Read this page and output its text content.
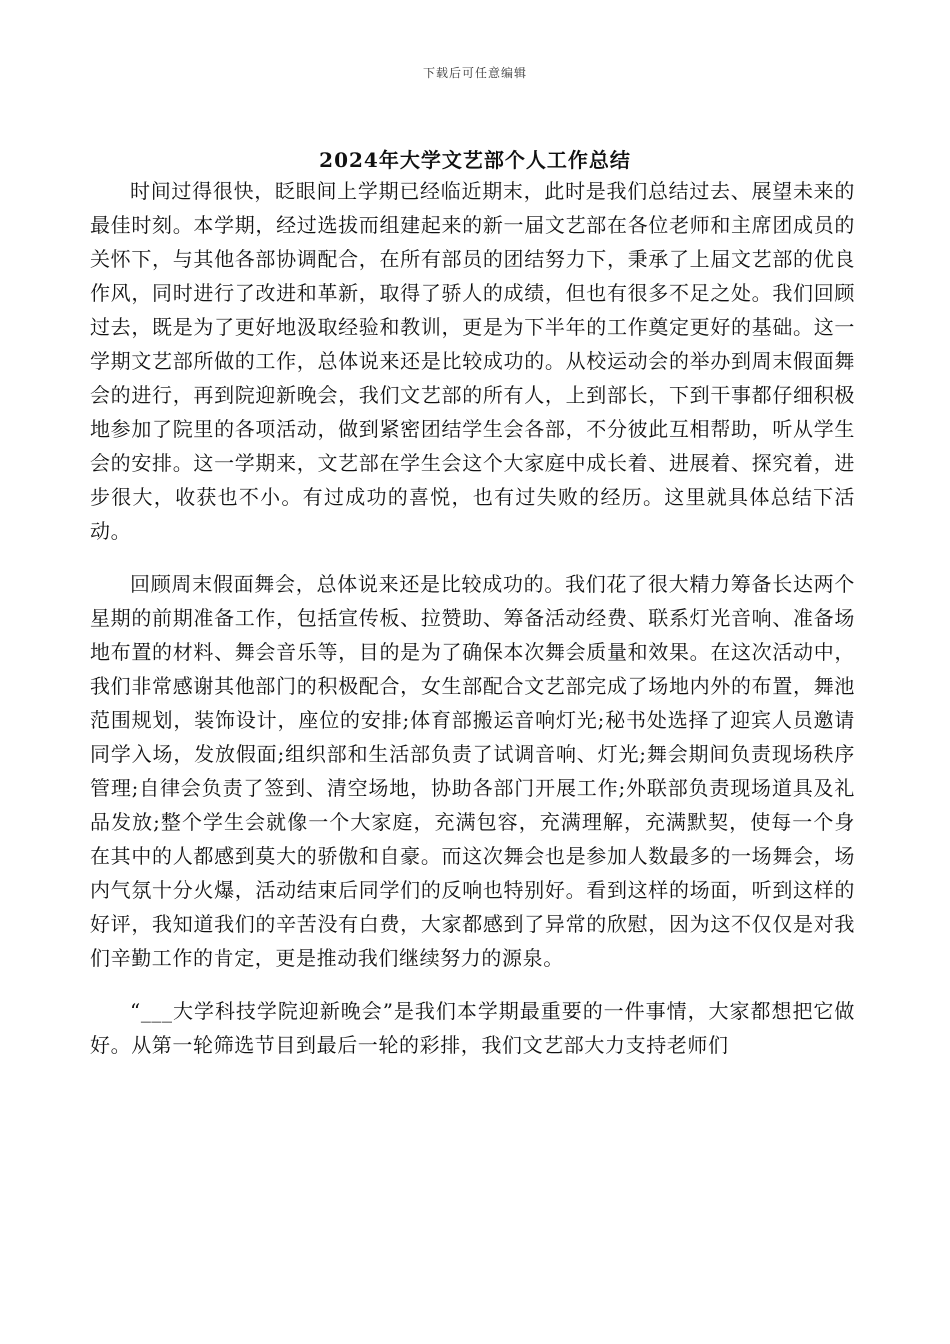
下载后可任意编辑
2024年大学文艺部个人工作总结

时间过得很快，眨眼间上学期已经临近期末，此时是我们总结过去、展望未来的最佳时刻。本学期，经过选拔而组建起来的新一届文艺部在各位老师和主席团成员的关怀下，与其他各部协调配合，在所有部员的团结努力下，秉承了上届文艺部的优良作风，同时进行了改进和革新，取得了骄人的成绩，但也有很多不足之处。我们回顾过去，既是为了更好地汲取经验和教训，更是为下半年的工作奠定更好的基础。这一学期文艺部所做的工作，总体说来还是比较成功的。从校运动会的举办到周末假面舞会的进行，再到院迎新晚会，我们文艺部的所有人，上到部长，下到干事都仔细积极地参加了院里的各项活动，做到紧密团结学生会各部，不分彼此互相帮助，听从学生会的安排。这一学期来，文艺部在学生会这个大家庭中成长着、进展着、探究着，进步很大，收获也不小。有过成功的喜悦，也有过失败的经历。这里就具体总结下活动。

回顾周末假面舞会，总体说来还是比较成功的。我们花了很大精力筹备长达两个星期的前期准备工作，包括宣传板、拉赞助、筹备活动经费、联系灯光音响、准备场地布置的材料、舞会音乐等，目的是为了确保本次舞会质量和效果。在这次活动中，我们非常感谢其他部门的积极配合，女生部配合文艺部完成了场地内外的布置，舞池范围规划，装饰设计，座位的安排;体育部搬运音响灯光;秘书处选择了迎宾人员邀请同学入场，发放假面;组织部和生活部负责了试调音响、灯光;舞会期间负责现场秩序管理;自律会负责了签到、清空场地，协助各部门开展工作;外联部负责现场道具及礼品发放;整个学生会就像一个大家庭，充满包容，充满理解，充满默契，使每一个身在其中的人都感到莫大的骄傲和自豪。而这次舞会也是参加人数最多的一场舞会，场内气氛十分火爆，活动结束后同学们的反响也特别好。看到这样的场面，听到这样的好评，我知道我们的辛苦没有白费，大家都感到了异常的欣慰，因为这不仅仅是对我们辛勤工作的肯定，更是推动我们继续努力的源泉。

“___大学科技学院迎新晚会”是我们本学期最重要的一件事情，大家都想把它做好。从第一轮筛选节目到最后一轮的彩排，我们文艺部大力支持老师们
